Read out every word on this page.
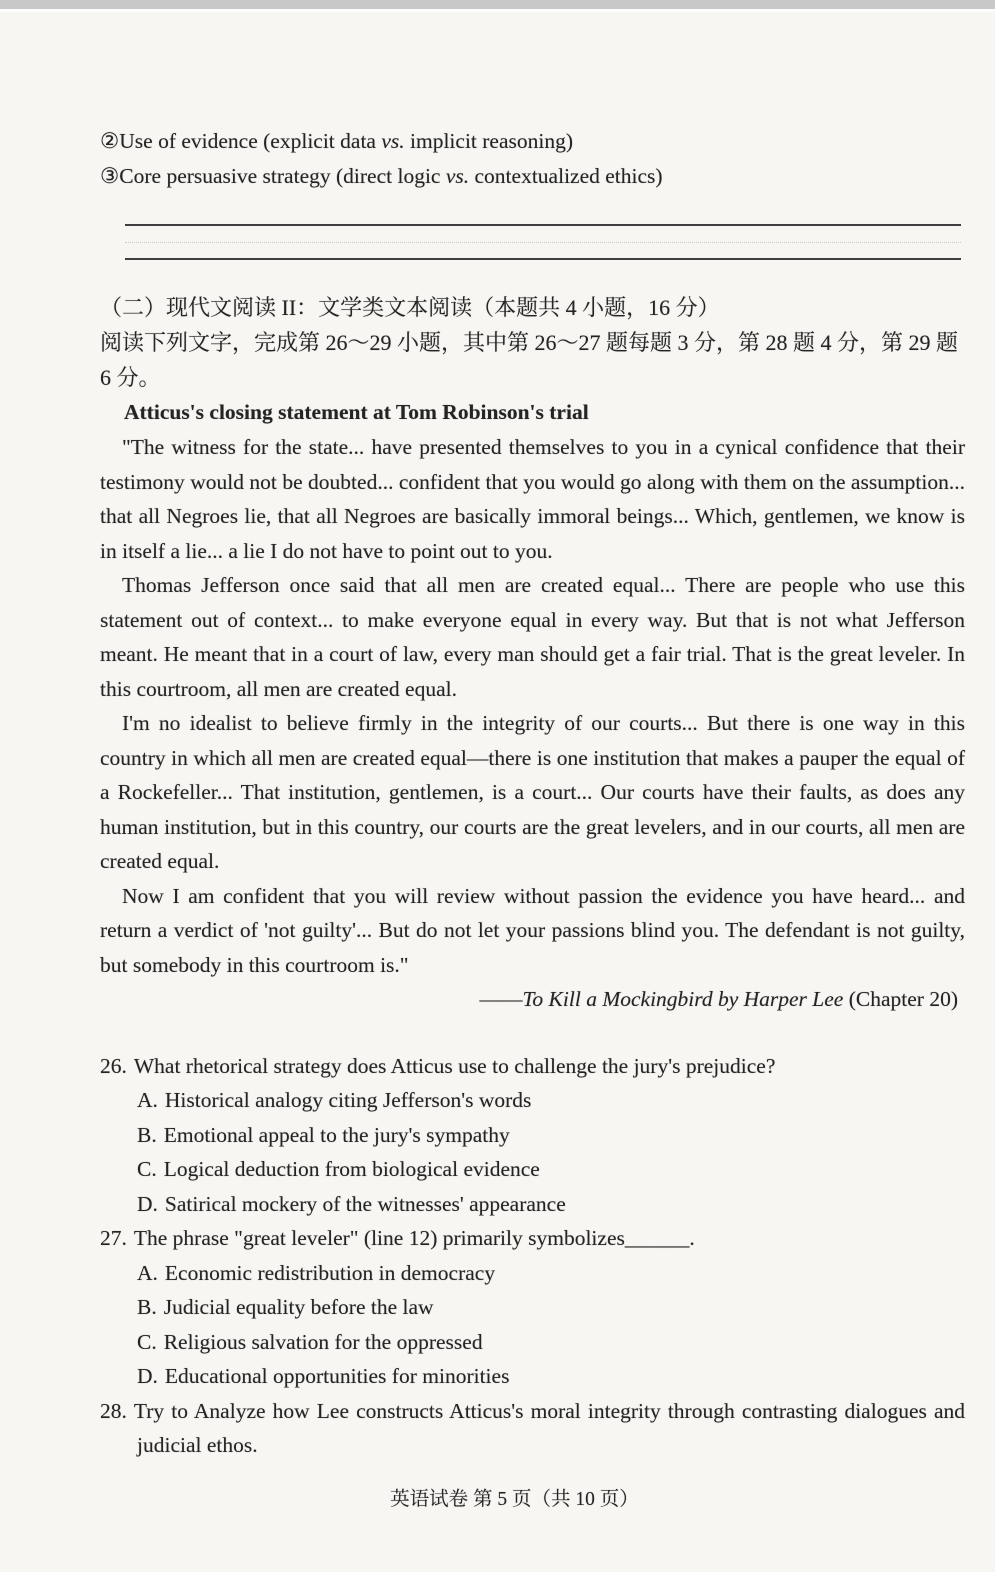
②Use of evidence (explicit data vs. implicit reasoning)

③Core persuasive strategy (direct logic vs. contextualized ethics)

（二）现代文阅读 II：文学类文本阅读（本题共 4 小题，16 分）

阅读下列文字，完成第 26～29 小题，其中第 26～27 题每题 3 分，第 28 题 4 分，第 29 题 6 分。

Atticus's closing statement at Tom Robinson's trial

"The witness for the state... have presented themselves to you in a cynical confidence that their testimony would not be doubted... confident that you would go along with them on the assumption... that all Negroes lie, that all Negroes are basically immoral beings... Which, gentlemen, we know is in itself a lie... a lie I do not have to point out to you.

Thomas Jefferson once said that all men are created equal... There are people who use this statement out of context... to make everyone equal in every way. But that is not what Jefferson meant. He meant that in a court of law, every man should get a fair trial. That is the great leveler. In this courtroom, all men are created equal.

I'm no idealist to believe firmly in the integrity of our courts... But there is one way in this country in which all men are created equal—there is one institution that makes a pauper the equal of a Rockefeller... That institution, gentlemen, is a court... Our courts have their faults, as does any human institution, but in this country, our courts are the great levelers, and in our courts, all men are created equal.

Now I am confident that you will review without passion the evidence you have heard... and return a verdict of 'not guilty'... But do not let your passions blind you. The defendant is not guilty, but somebody in this courtroom is."

——To Kill a Mockingbird by Harper Lee (Chapter 20)

26. What rhetorical strategy does Atticus use to challenge the jury's prejudice?

A. Historical analogy citing Jefferson's words

B. Emotional appeal to the jury's sympathy

C. Logical deduction from biological evidence

D. Satirical mockery of the witnesses' appearance

27. The phrase "great leveler" (line 12) primarily symbolizes______.

A. Economic redistribution in democracy

B. Judicial equality before the law

C. Religious salvation for the oppressed

D. Educational opportunities for minorities

28. Try to Analyze how Lee constructs Atticus's moral integrity through contrasting dialogues and judicial ethos.

英语试卷 第 5 页（共 10 页）
